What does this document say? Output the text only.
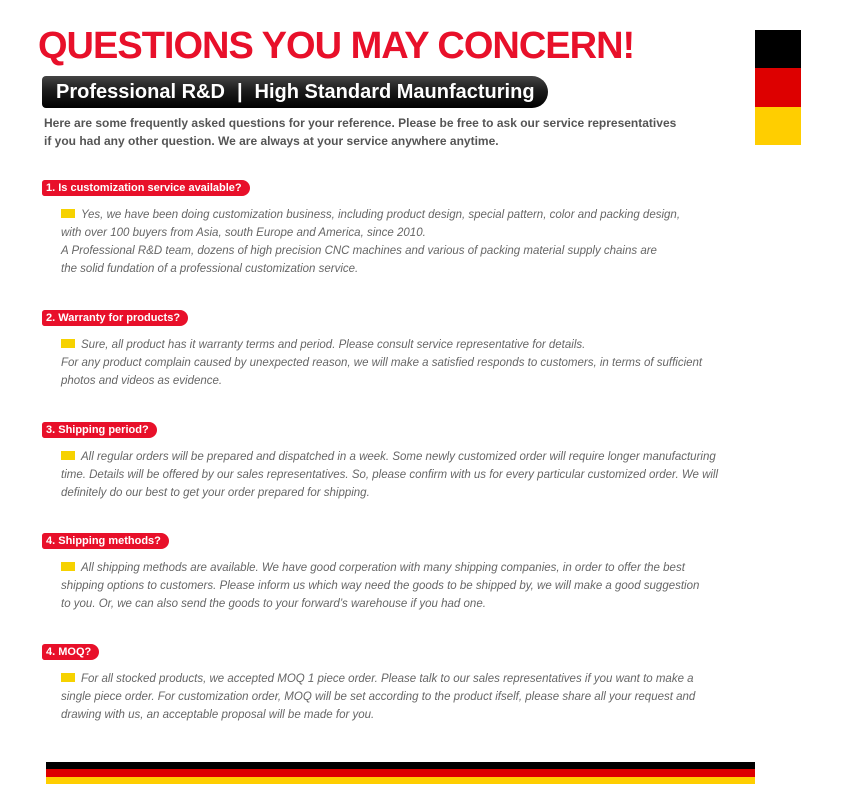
QUESTIONS YOU MAY CONCERN!
Professional R&D | High Standard Maunfacturing

Here are some frequently asked questions for your reference. Please be free to ask our service representatives
if you had any other question. We are always at your service anywhere anytime.

1. Is customization service available?

Yes, we have been doing customization business, including product design, special pattern, color and packing design,

with over 100 buyers from Asia, south Europe and America, since 2010.

A Professional R&D team, dozens of high precision CNC machines and various of packing material supply chains are

the solid fundation of a professional customization service.

2. Warranty for products?

Sure, all product has it warranty terms and period. Please consult service representative for details.

For any product complain caused by unexpected reason, we will make a satisfied responds to customers, in terms of sufficient

photos and videos as evidence.

3. Shipping period?

All regular orders will be prepared and dispatched in a week. Some newly customized order will require longer manufacturing

time. Details will be offered by our sales representatives. So, please confirm with us for every particular customized order. We will

definitely do our best to get your order prepared for shipping.

4. Shipping methods?

All shipping methods are available. We have good corperation with many shipping companies, in order to offer the best

shipping options to customers. Please inform us which way need the goods to be shipped by, we will make a good suggestion

to you. Or, we can also send the goods to your forward’s warehouse if you had one.

4. MOQ?

For all stocked products, we accepted MOQ 1 piece order. Please talk to our sales representatives if you want to make a

single piece order. For customization order, MOQ will be set according to the product ifself, please share all your request and

drawing with us, an acceptable proposal will be made for you.
